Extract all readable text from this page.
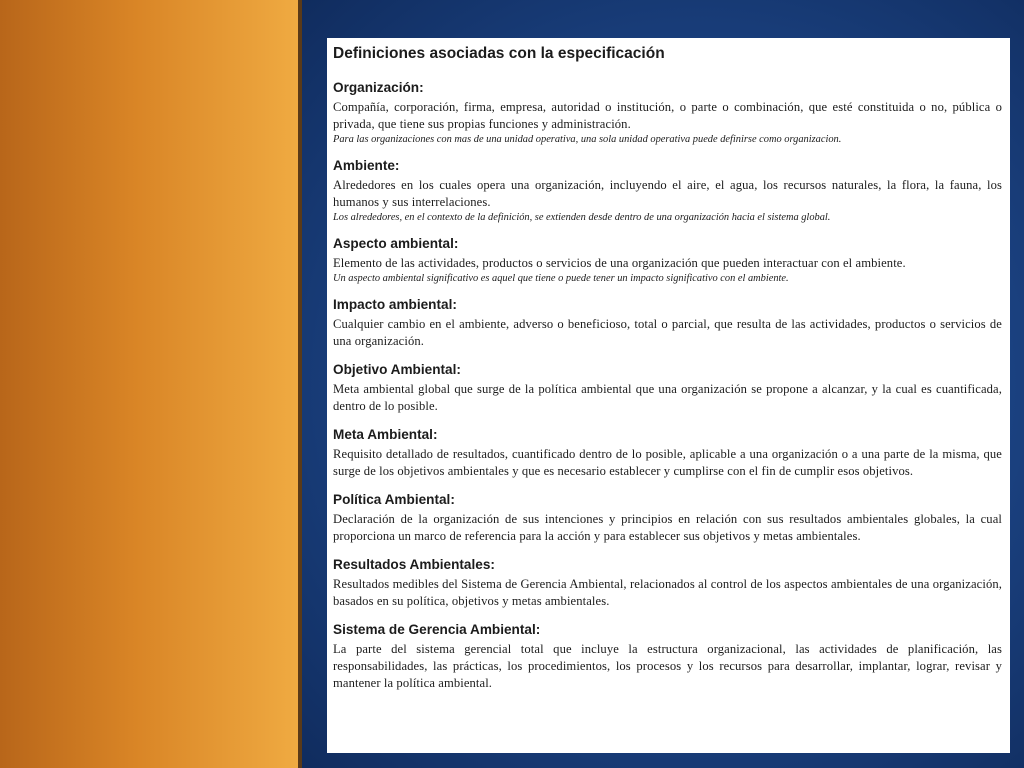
Definiciones asociadas con la especificación
Organización:

Compañía, corporación, firma, empresa, autoridad o institución, o parte o combinación, que esté constituida o no, pública o privada, que tiene sus propias funciones y administración.

Para las organizaciones con mas de una unidad operativa, una sola unidad operativa puede definirse como organizacion.

Ambiente:

Alrededores en los cuales opera una organización, incluyendo el aire, el agua, los recursos naturales, la flora, la fauna, los humanos y sus interrelaciones.

Los alrededores, en el contexto de la definición, se extienden desde dentro de una organización hacia el sistema global.

Aspecto ambiental:

Elemento de las actividades, productos o servicios de una organización que pueden interactuar con el ambiente.

Un aspecto ambiental significativo es aquel que tiene o puede tener un impacto significativo con el ambiente.

Impacto ambiental:

Cualquier cambio en el ambiente, adverso o beneficioso, total o parcial, que resulta de las actividades, productos o servicios de una organización.

Objetivo Ambiental:

Meta ambiental global que surge de la política ambiental que una organización se propone a alcanzar, y la cual es cuantificada, dentro de lo posible.

Meta Ambiental:

Requisito detallado de resultados, cuantificado dentro de lo posible, aplicable a una organización o a una parte de la misma, que surge de los objetivos ambientales y que es necesario establecer y cumplirse con el fin de cumplir esos objetivos.

Política Ambiental:

Declaración de la organización de sus intenciones y principios en relación con sus resultados ambientales globales, la cual proporciona un marco de referencia para la acción y para establecer sus objetivos y metas ambientales.

Resultados Ambientales:

Resultados medibles del Sistema de Gerencia Ambiental, relacionados al control de los aspectos ambientales de una organización, basados en su política, objetivos y metas ambientales.

Sistema de Gerencia Ambiental:

La parte del sistema gerencial total que incluye la estructura organizacional, las actividades de planificación, las responsabilidades, las prácticas, los procedimientos, los procesos y los recursos para desarrollar, implantar, lograr, revisar y mantener la política ambiental.
